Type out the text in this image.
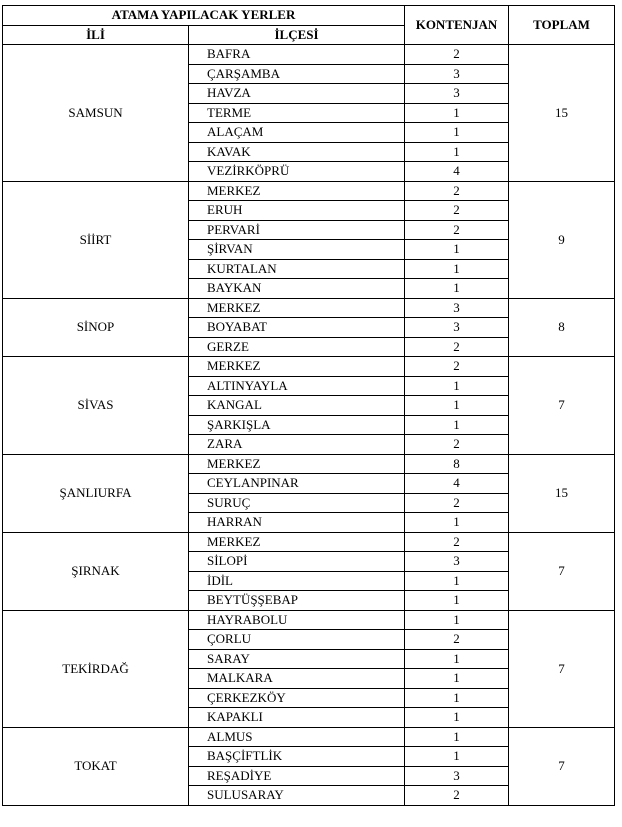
ATAMA YAPILACAK YERLER		KONTENJAN	TOPLAM
İLİ	İLÇESİ		
SAMSUN	BAFRA	2	15
	ÇARŞAMBA	3	
	HAVZA	3	
	TERME	1	
	ALAÇAM	1	
	KAVAK	1	
	VEZİRKÖPRÜ	4	
SİİRT	MERKEZ	2	9
	ERUH	2	
	PERVARİ	2	
	ŞİRVAN	1	
	KURTALAN	1	
	BAYKAN	1	
SİNOP	MERKEZ	3	8
	BOYABAT	3	
	GERZE	2	
SİVAS	MERKEZ	2	7
	ALTINYAYLA	1	
	KANGAL	1	
	ŞARKIŞLA	1	
	ZARA	2	
ŞANLIURFA	MERKEZ	8	15
	CEYLANPINAR	4	
	SURUÇ	2	
	HARRAN	1	
ŞIRNAK	MERKEZ	2	7
	SİLOPİ	3	
	İDİL	1	
	BEYTÜŞŞEBAP	1	
TEKİRDAĞ	HAYRABOLU	1	7
	ÇORLU	2	
	SARAY	1	
	MALKARA	1	
	ÇERKEZKÖY	1	
	KAPAKLI	1	
TOKAT	ALMUS	1	7
	BAŞÇİFTLİK	1	
	REŞADİYE	3	
	SULUSARAY	2	
